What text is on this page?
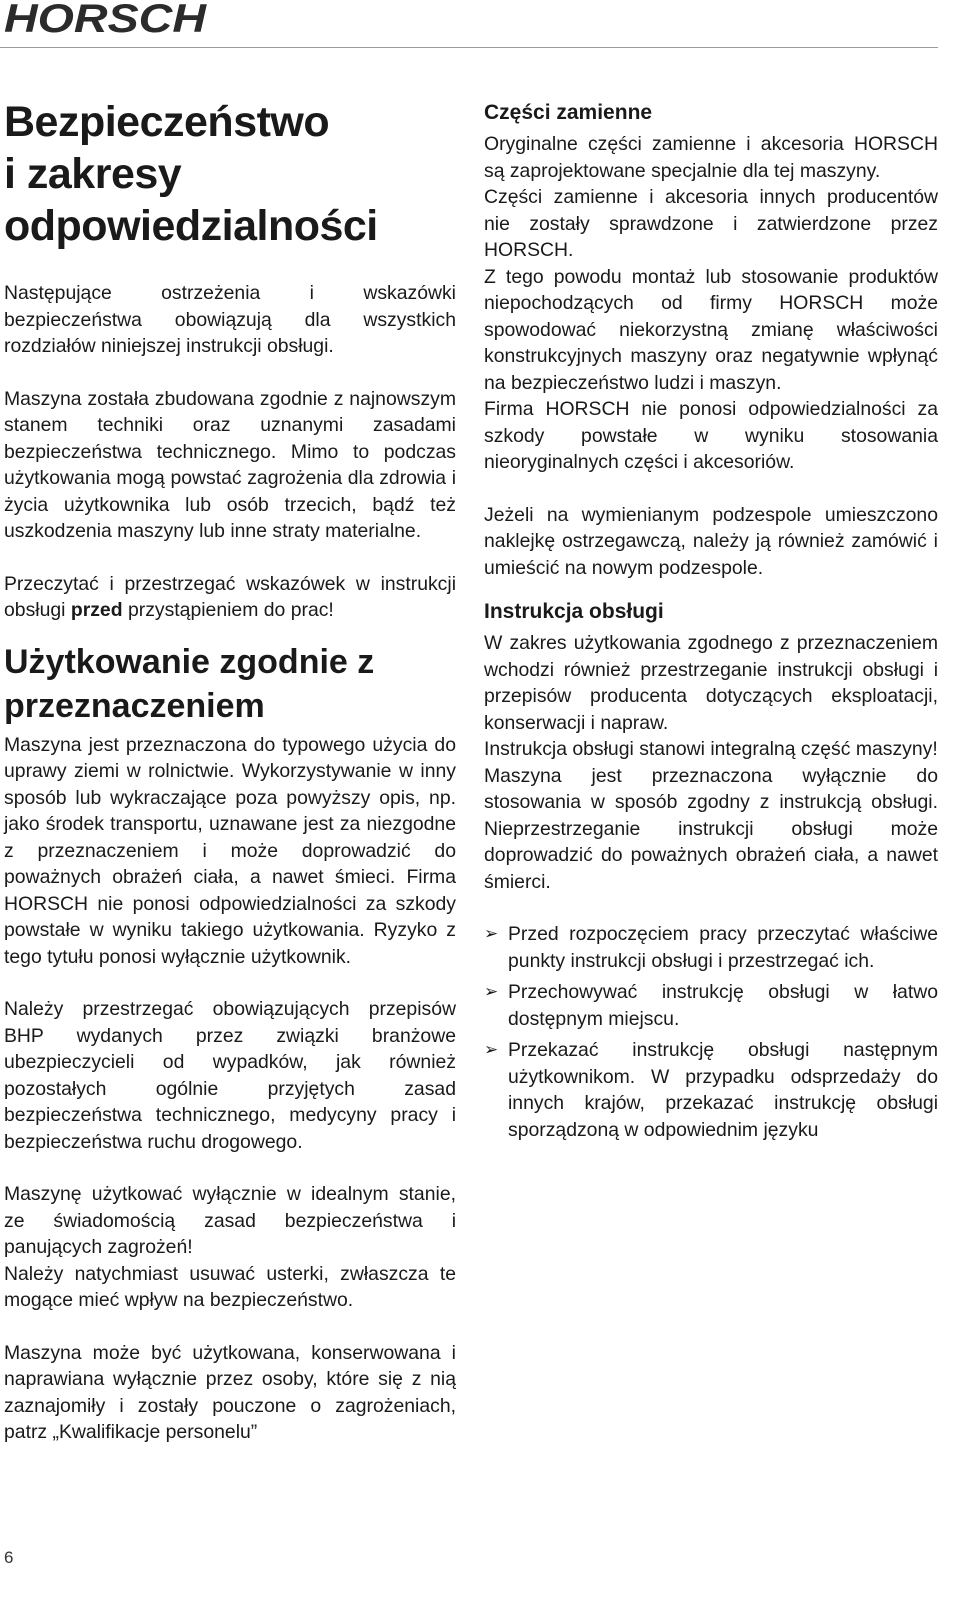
HORSCH
Bezpieczeństwo
i zakresy
odpowiedzialności

Następujące ostrzeżenia i wskazówki bezpieczeństwa obowiązują dla wszystkich rozdziałów niniejszej instrukcji obsługi.

Maszyna została zbudowana zgodnie z najnowszym stanem techniki oraz uznanymi zasadami bezpieczeństwa technicznego. Mimo to podczas użytkowania mogą powstać zagrożenia dla zdrowia i życia użytkownika lub osób trzecich, bądź też uszkodzenia maszyny lub inne straty materialne.

Przeczytać i przestrzegać wskazówek w instrukcji obsługi przed przystąpieniem do prac!

Użytkowanie zgodnie z przeznaczeniem

Maszyna jest przeznaczona do typowego użycia do uprawy ziemi w rolnictwie. Wykorzystywanie w inny sposób lub wykraczające poza powyższy opis, np. jako środek transportu, uznawane jest za niezgodne z przeznaczeniem i może doprowadzić do poważnych obrażeń ciała, a nawet śmieci. Firma HORSCH nie ponosi odpowiedzialności za szkody powstałe w wyniku takiego użytkowania. Ryzyko z tego tytułu ponosi wyłącznie użytkownik.

Należy przestrzegać obowiązujących przepisów BHP wydanych przez związki branżowe ubezpieczycieli od wypadków, jak również pozostałych ogólnie przyjętych zasad bezpieczeństwa technicznego, medycyny pracy i bezpieczeństwa ruchu drogowego.

Maszynę użytkować wyłącznie w idealnym stanie, ze świadomością zasad bezpieczeństwa i panujących zagrożeń!

Należy natychmiast usuwać usterki, zwłaszcza te mogące mieć wpływ na bezpieczeństwo.

Maszyna może być użytkowana, konserwowana i naprawiana wyłącznie przez osoby, które się z nią zaznajomiły i zostały pouczone o zagrożeniach, patrz „Kwalifikacje personelu”

Części zamienne

Oryginalne części zamienne i akcesoria HORSCH są zaprojektowane specjalnie dla tej maszyny.

Części zamienne i akcesoria innych producentów nie zostały sprawdzone i zatwierdzone przez HORSCH.

Z tego powodu montaż lub stosowanie produktów niepochodzących od firmy HORSCH może spowodować niekorzystną zmianę właściwości konstrukcyjnych maszyny oraz negatywnie wpłynąć na bezpieczeństwo ludzi i maszyn.

Firma HORSCH nie ponosi odpowiedzialności za szkody powstałe w wyniku stosowania nieoryginalnych części i akcesoriów.

Jeżeli na wymienianym podzespole umieszczono naklejkę ostrzegawczą, należy ją również zamówić i umieścić na nowym podzespole.

Instrukcja obsługi

W zakres użytkowania zgodnego z przeznaczeniem wchodzi również przestrzeganie instrukcji obsługi i przepisów producenta dotyczących eksploatacji, konserwacji i napraw.

Instrukcja obsługi stanowi integralną część maszyny!

Maszyna jest przeznaczona wyłącznie do stosowania w sposób zgodny z instrukcją obsługi. Nieprzestrzeganie instrukcji obsługi może doprowadzić do poważnych obrażeń ciała, a nawet śmierci.

➢ Przed rozpoczęciem pracy przeczytać właściwe punkty instrukcji obsługi i przestrzegać ich.
➢ Przechowywać instrukcję obsługi w łatwo dostępnym miejscu.
➢ Przekazać instrukcję obsługi następnym użytkownikom. W przypadku odsprzedaży do innych krajów, przekazać instrukcję obsługi sporządzoną w odpowiednim języku
6
